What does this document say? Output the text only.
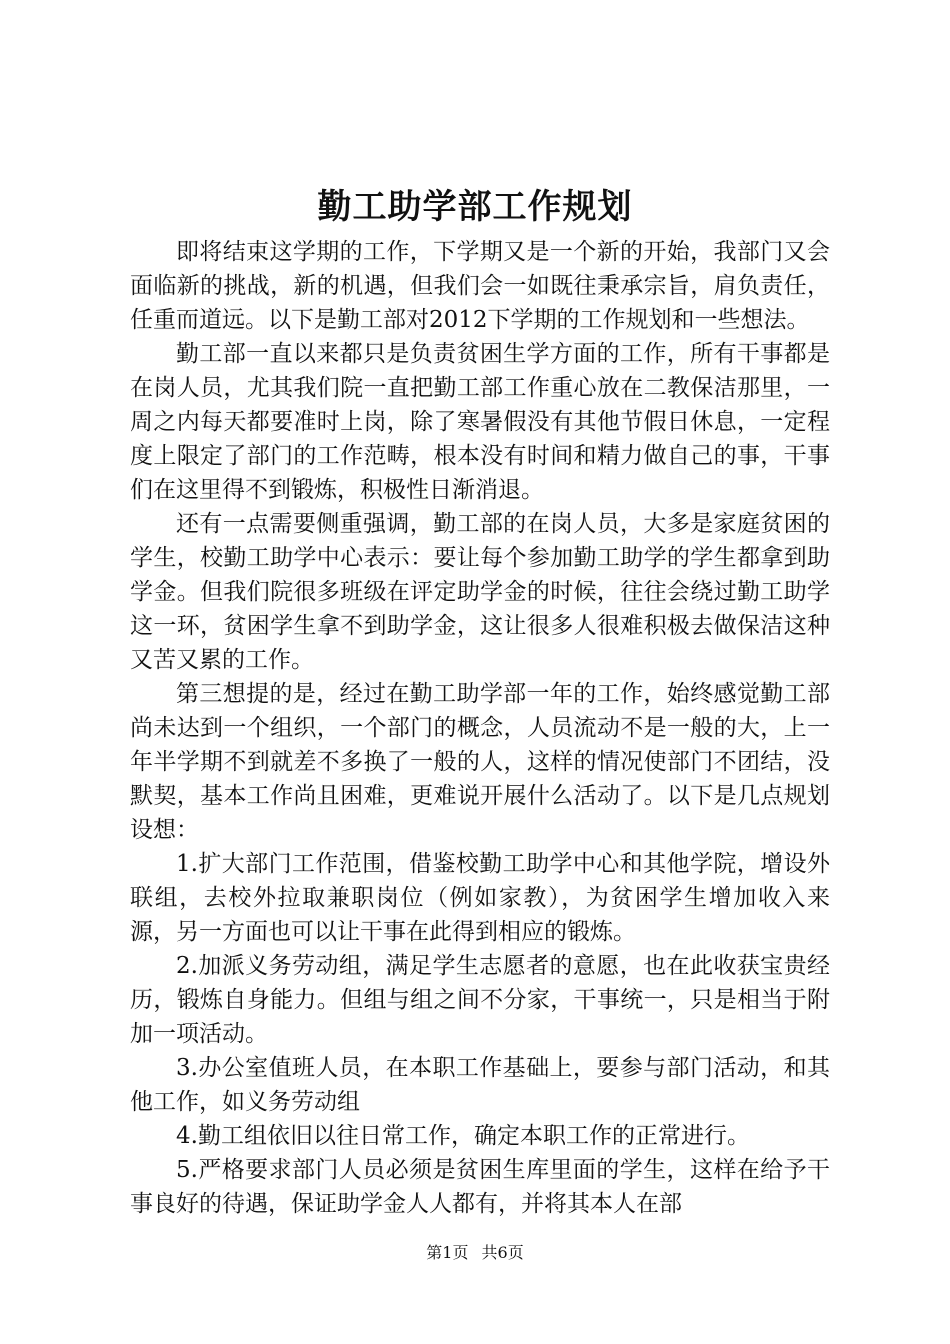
勤工助学部工作规划

即将结束这学期的工作，下学期又是一个新的开始，我部门又会面临新的挑战，新的机遇，但我们会一如既往秉承宗旨，肩负责任，任重而道远。以下是勤工部对2012下学期的工作规划和一些想法。

勤工部一直以来都只是负责贫困生学方面的工作，所有干事都是在岗人员，尤其我们院一直把勤工部工作重心放在二教保洁那里，一周之内每天都要准时上岗，除了寒暑假没有其他节假日休息，一定程度上限定了部门的工作范畴，根本没有时间和精力做自己的事，干事们在这里得不到锻炼，积极性日渐消退。

还有一点需要侧重强调，勤工部的在岗人员，大多是家庭贫困的学生，校勤工助学中心表示：要让每个参加勤工助学的学生都拿到助学金。但我们院很多班级在评定助学金的时候，往往会绕过勤工助学这一环，贫困学生拿不到助学金，这让很多人很难积极去做保洁这种又苦又累的工作。

第三想提的是，经过在勤工助学部一年的工作，始终感觉勤工部尚未达到一个组织，一个部门的概念，人员流动不是一般的大，上一年半学期不到就差不多换了一般的人，这样的情况使部门不团结，没默契，基本工作尚且困难，更难说开展什么活动了。以下是几点规划设想：

1.扩大部门工作范围，借鉴校勤工助学中心和其他学院，增设外联组，去校外拉取兼职岗位（例如家教），为贫困学生增加收入来源，另一方面也可以让干事在此得到相应的锻炼。

2.加派义务劳动组，满足学生志愿者的意愿，也在此收获宝贵经历，锻炼自身能力。但组与组之间不分家，干事统一，只是相当于附加一项活动。

3.办公室值班人员，在本职工作基础上，要参与部门活动，和其他工作，如义务劳动组

4.勤工组依旧以往日常工作，确定本职工作的正常进行。

5.严格要求部门人员必须是贫困生库里面的学生，这样在给予干事良好的待遇，保证助学金人人都有，并将其本人在部

第1页 共6页
